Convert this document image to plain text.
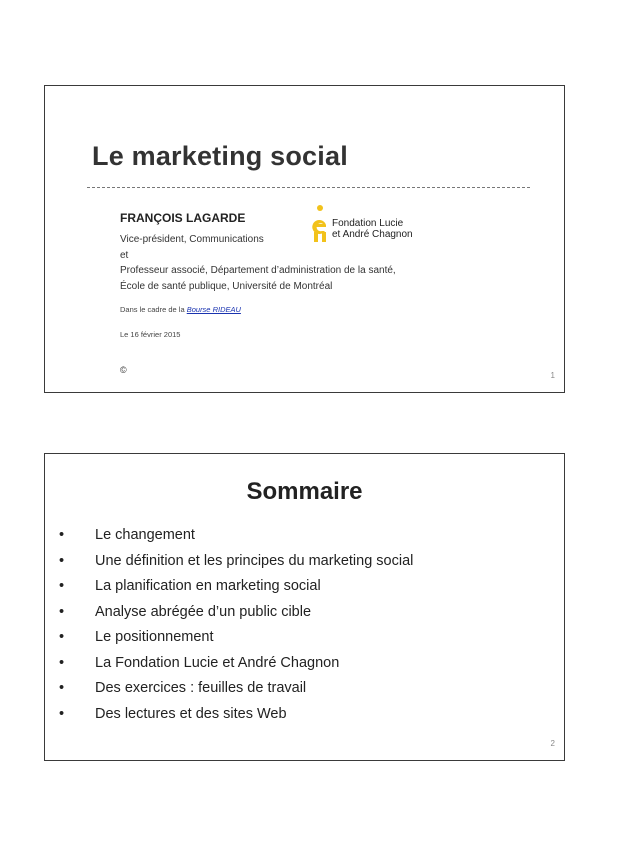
Le marketing social
FRANÇOIS LAGARDE
Vice-président, Communications
et
Professeur associé, Département d’administration de la santé,
École de santé publique, Université de Montréal
Fondation Lucie
et André Chagnon
Dans le cadre de la Bourse RIDEAU
Le 16 février 2015
©
1
Sommaire
• Le changement
• Une définition et les principes du marketing social
• La planification en marketing social
• Analyse abrégée d’un public cible
• Le positionnement
• La Fondation Lucie et André Chagnon
• Des exercices : feuilles de travail
• Des lectures et des sites Web
2
